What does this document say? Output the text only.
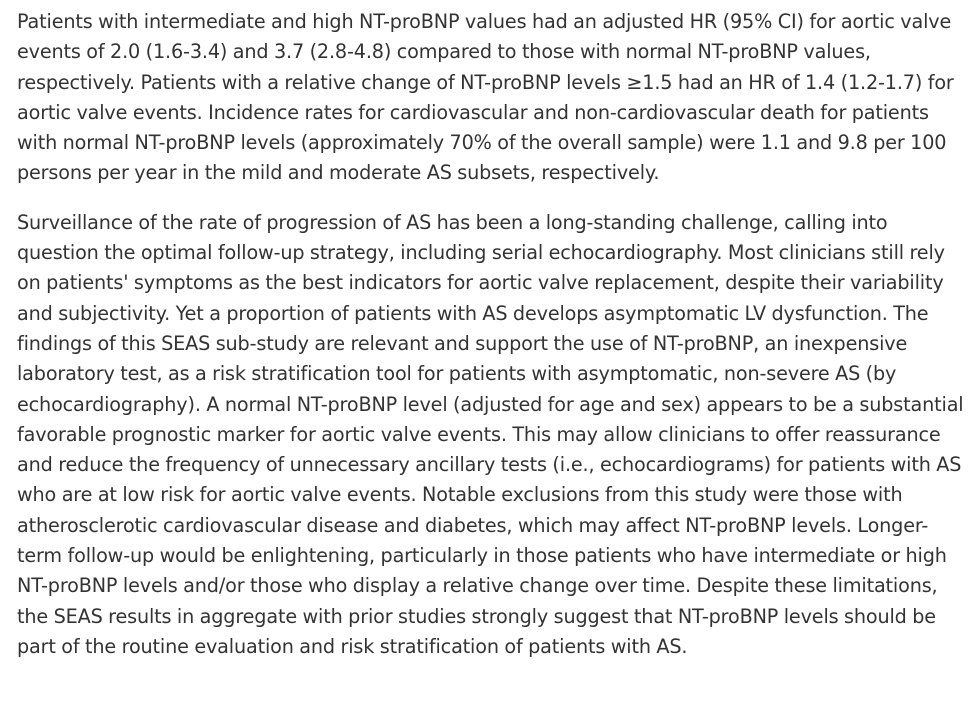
Patients with intermediate and high NT-proBNP values had an adjusted HR (95% CI) for aortic valve events of 2.0 (1.6-3.4) and 3.7 (2.8-4.8) compared to those with normal NT-proBNP values, respectively. Patients with a relative change of NT-proBNP levels ≥1.5 had an HR of 1.4 (1.2-1.7) for aortic valve events. Incidence rates for cardiovascular and non-cardiovascular death for patients with normal NT-proBNP levels (approximately 70% of the overall sample) were 1.1 and 9.8 per 100 persons per year in the mild and moderate AS subsets, respectively.

Surveillance of the rate of progression of AS has been a long-standing challenge, calling into question the optimal follow-up strategy, including serial echocardiography. Most clinicians still rely on patients' symptoms as the best indicators for aortic valve replacement, despite their variability and subjectivity. Yet a proportion of patients with AS develops asymptomatic LV dysfunction. The findings of this SEAS sub-study are relevant and support the use of NT-proBNP, an inexpensive laboratory test, as a risk stratification tool for patients with asymptomatic, non-severe AS (by echocardiography). A normal NT-proBNP level (adjusted for age and sex) appears to be a substantial favorable prognostic marker for aortic valve events. This may allow clinicians to offer reassurance and reduce the frequency of unnecessary ancillary tests (i.e., echocardiograms) for patients with AS who are at low risk for aortic valve events. Notable exclusions from this study were those with atherosclerotic cardiovascular disease and diabetes, which may affect NT-proBNP levels. Longer-term follow-up would be enlightening, particularly in those patients who have intermediate or high NT-proBNP levels and/or those who display a relative change over time. Despite these limitations, the SEAS results in aggregate with prior studies strongly suggest that NT-proBNP levels should be part of the routine evaluation and risk stratification of patients with AS.
